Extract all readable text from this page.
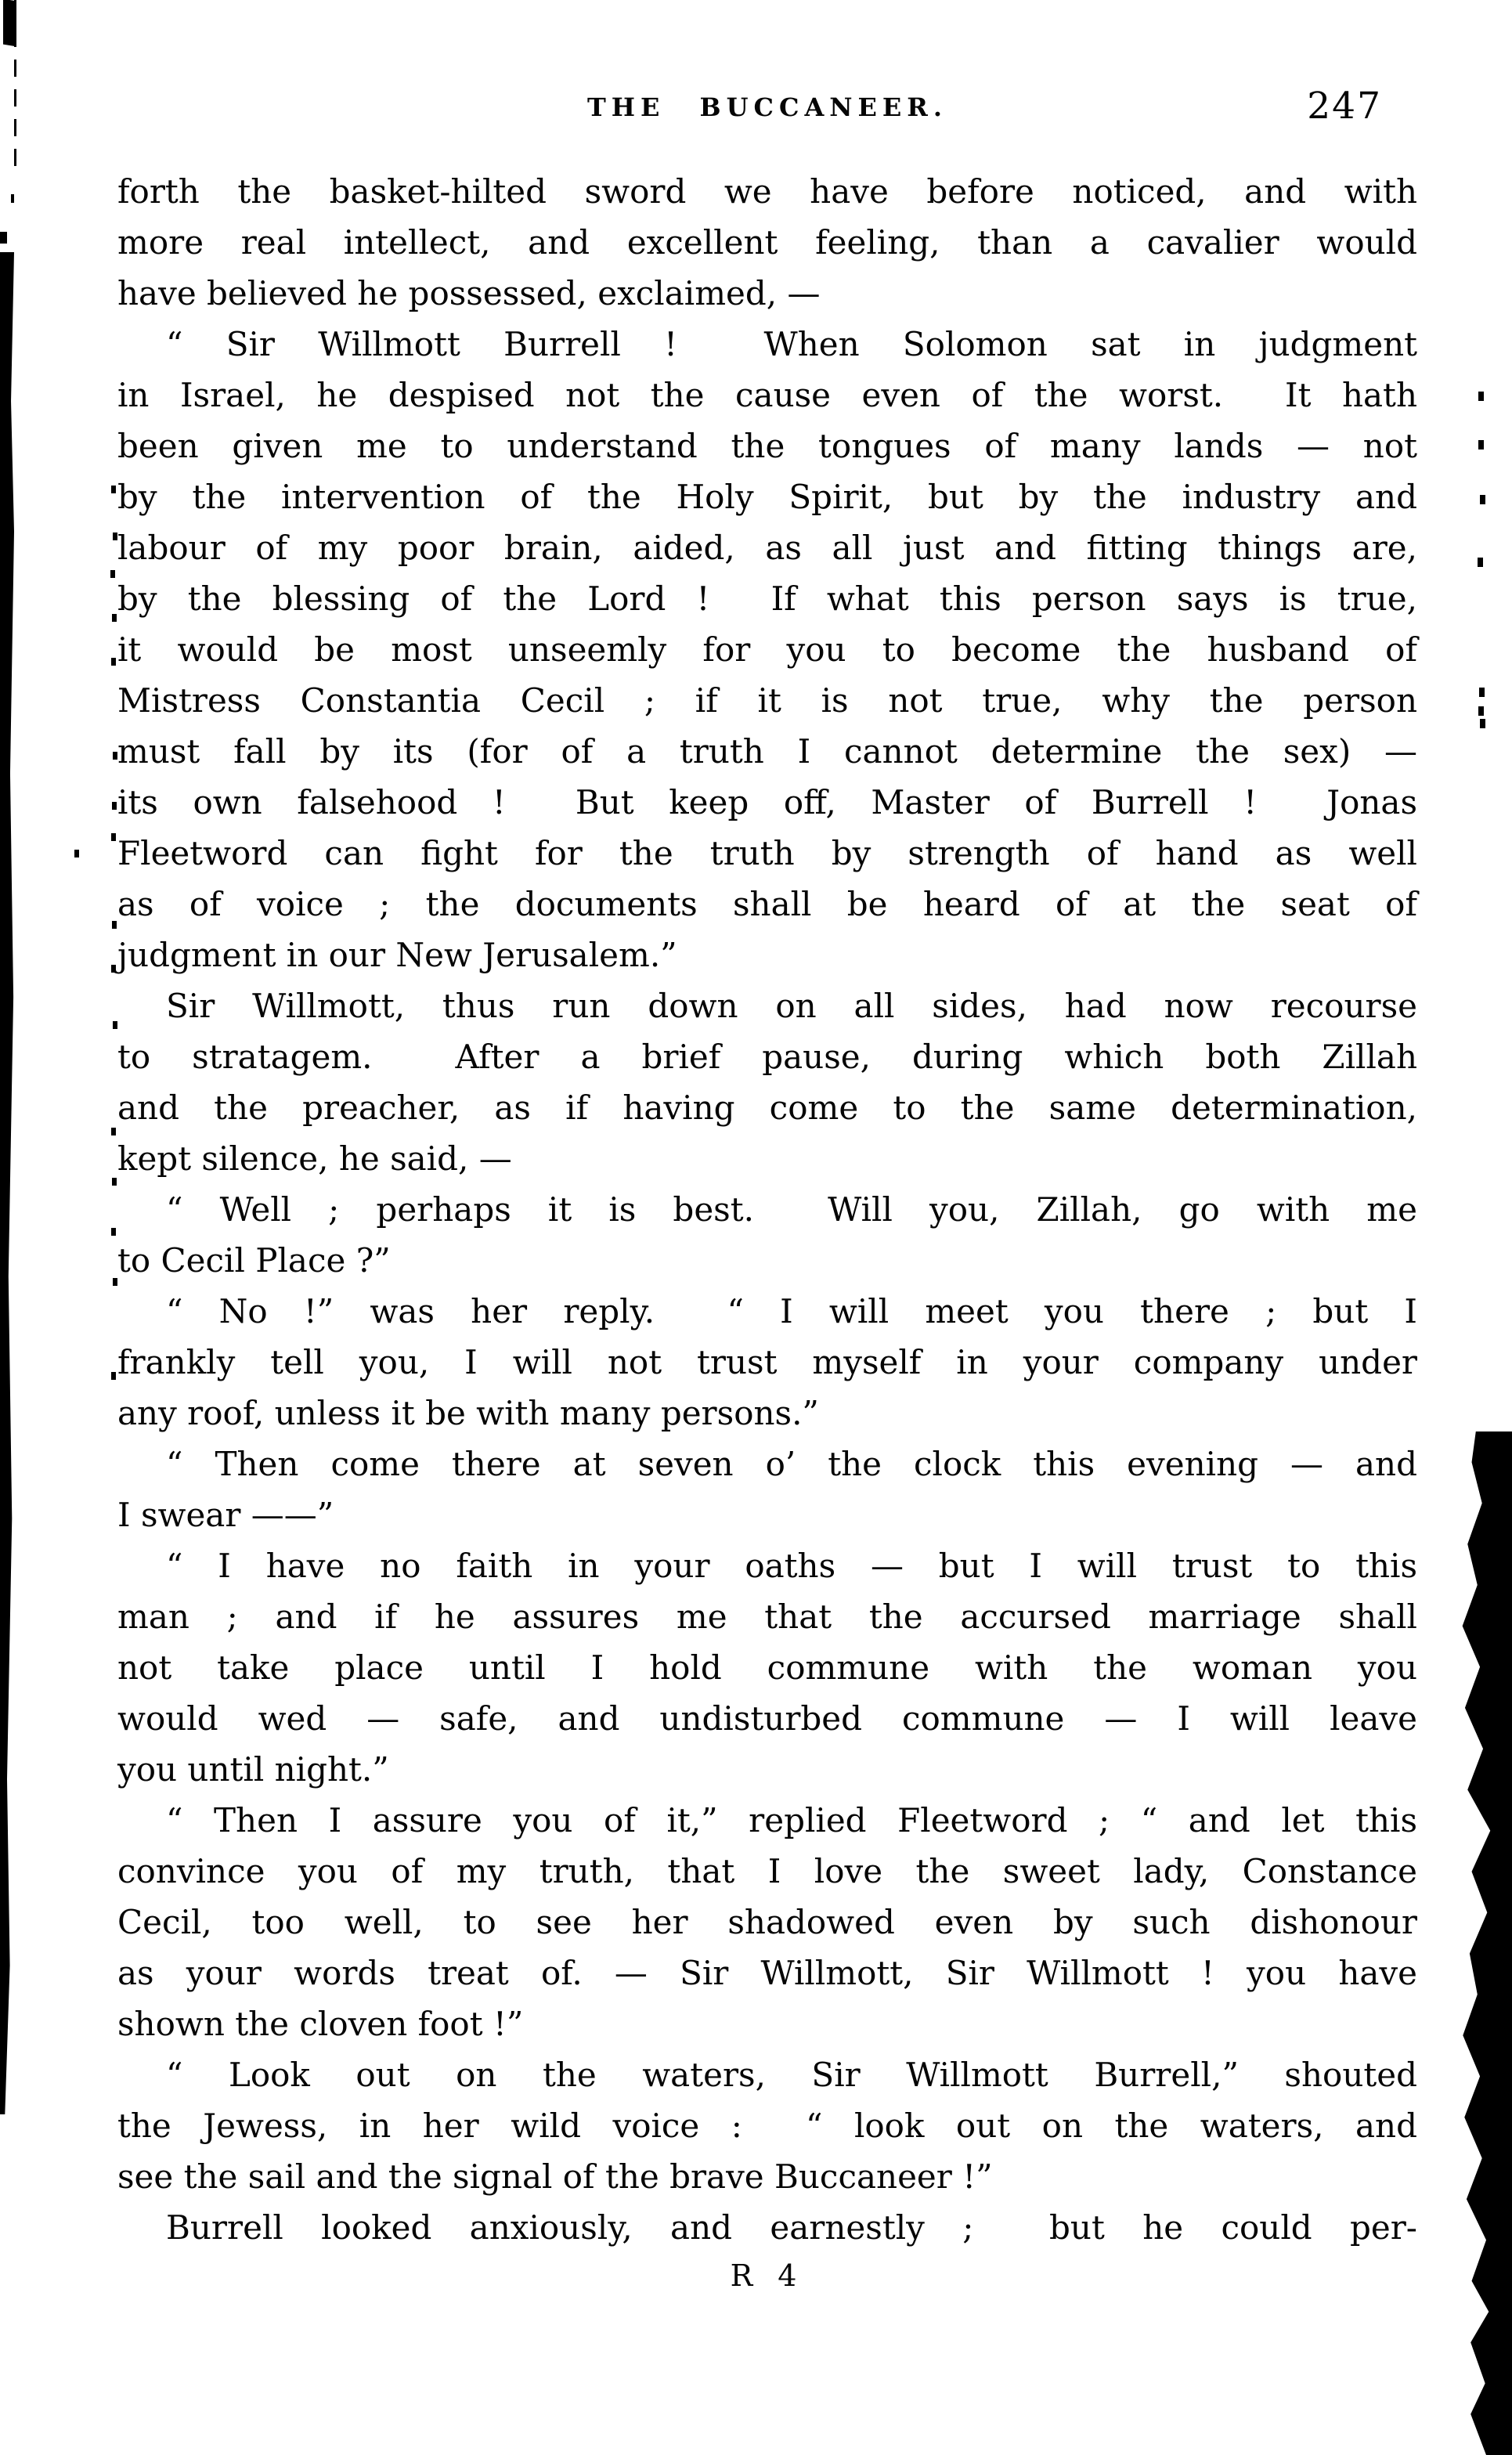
THE BUCCANEER.	247
forth the basket-hilted sword we have before noticed, and with
more real intellect, and excellent feeling, than a cavalier would
have believed he possessed, exclaimed, —
“ Sir Willmott Burrell !  When Solomon sat in judgment
in Israel, he despised not the cause even of the worst.  It hath
been given me to understand the tongues of many lands — not
by the intervention of the Holy Spirit, but by the industry and
labour of my poor brain, aided, as all just and fitting things are,
by the blessing of the Lord !  If what this person says is true,
it would be most unseemly for you to become the husband of
Mistress Constantia Cecil ; if it is not true, why the person
must fall by its (for of a truth I cannot determine the sex) —
its own falsehood !  But keep off, Master of Burrell !  Jonas
Fleetword can fight for the truth by strength of hand as well
as of voice ; the documents shall be heard of at the seat of
judgment in our New Jerusalem.”
Sir Willmott, thus run down on all sides, had now recourse
to stratagem.  After a brief pause, during which both Zillah
and the preacher, as if having come to the same determination,
kept silence, he said, —
“ Well ; perhaps it is best.  Will you, Zillah, go with me
to Cecil Place ?”
“ No !” was her reply.  “ I will meet you there ; but I
frankly tell you, I will not trust myself in your company under
any roof, unless it be with many persons.”
“ Then come there at seven o’ the clock this evening — and
I swear ——”
“ I have no faith in your oaths — but I will trust to this
man ; and if he assures me that the accursed marriage shall
not take place until I hold commune with the woman you
would wed — safe, and undisturbed commune — I will leave
you until night.”
“ Then I assure you of it,” replied Fleetword ; “ and let this
convince you of my truth, that I love the sweet lady, Constance
Cecil, too well, to see her shadowed even by such dishonour
as your words treat of. — Sir Willmott, Sir Willmott ! you have
shown the cloven foot !”
“ Look out on the waters, Sir Willmott Burrell,” shouted
the Jewess, in her wild voice :  “ look out on the waters, and
see the sail and the signal of the brave Buccaneer !”
Burrell looked anxiously, and earnestly ;  but he could per-
R 4
